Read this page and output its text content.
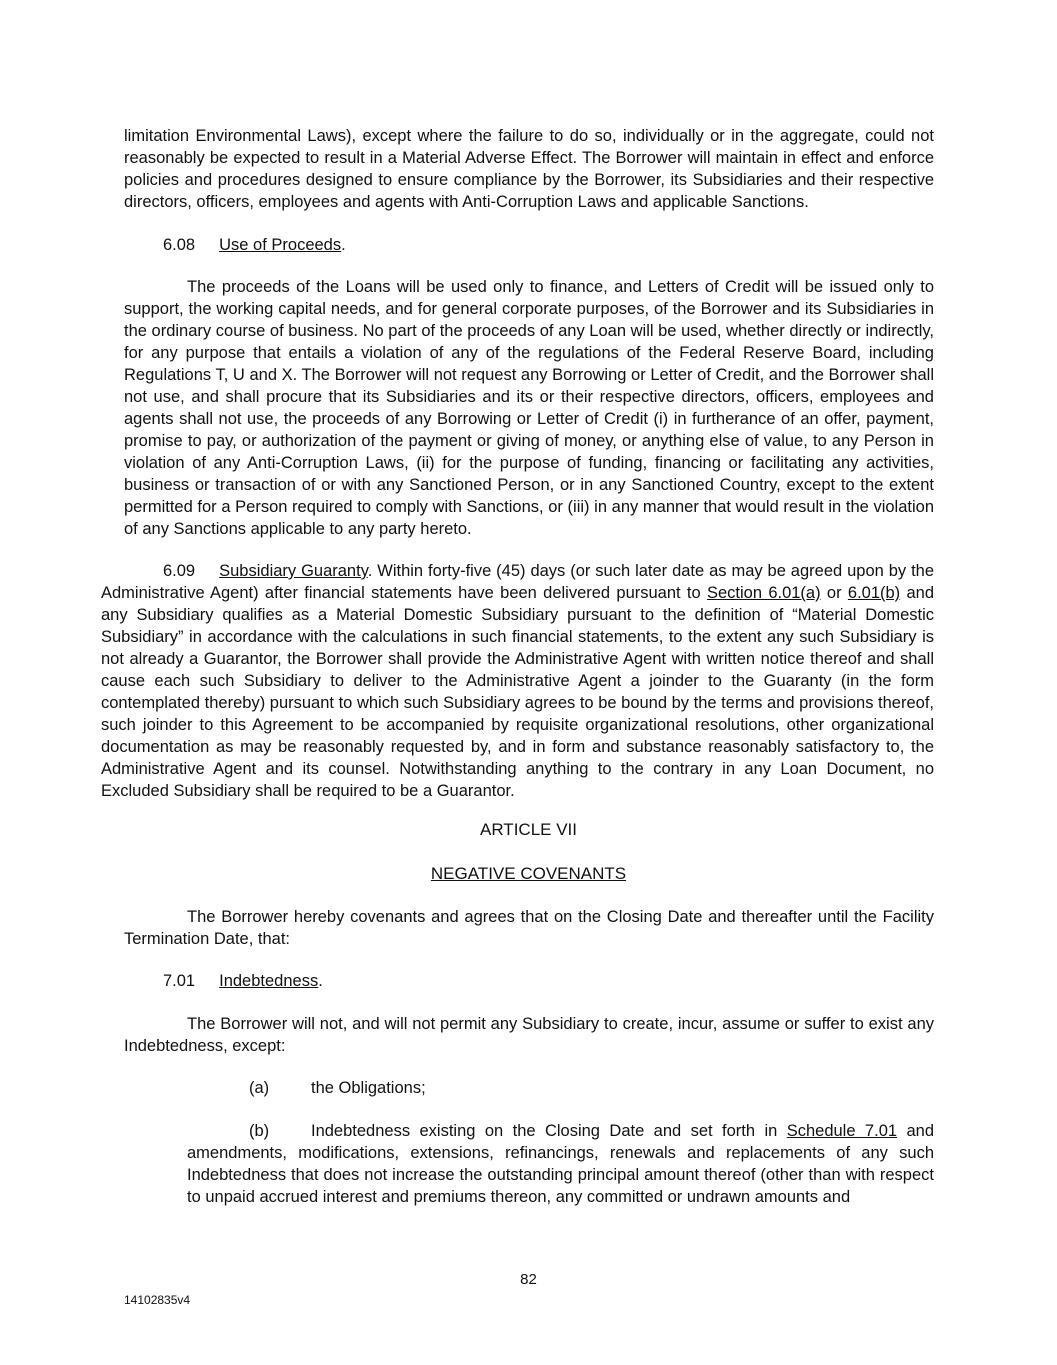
limitation Environmental Laws), except where the failure to do so, individually or in the aggregate, could not reasonably be expected to result in a Material Adverse Effect. The Borrower will maintain in effect and enforce policies and procedures designed to ensure compliance by the Borrower, its Subsidiaries and their respective directors, officers, employees and agents with Anti-Corruption Laws and applicable Sanctions.

6.08 Use of Proceeds.

The proceeds of the Loans will be used only to finance, and Letters of Credit will be issued only to support, the working capital needs, and for general corporate purposes, of the Borrower and its Subsidiaries in the ordinary course of business. No part of the proceeds of any Loan will be used, whether directly or indirectly, for any purpose that entails a violation of any of the regulations of the Federal Reserve Board, including Regulations T, U and X. The Borrower will not request any Borrowing or Letter of Credit, and the Borrower shall not use, and shall procure that its Subsidiaries and its or their respective directors, officers, employees and agents shall not use, the proceeds of any Borrowing or Letter of Credit (i) in furtherance of an offer, payment, promise to pay, or authorization of the payment or giving of money, or anything else of value, to any Person in violation of any Anti-Corruption Laws, (ii) for the purpose of funding, financing or facilitating any activities, business or transaction of or with any Sanctioned Person, or in any Sanctioned Country, except to the extent permitted for a Person required to comply with Sanctions, or (iii) in any manner that would result in the violation of any Sanctions applicable to any party hereto.

6.09 Subsidiary Guaranty. Within forty-five (45) days (or such later date as may be agreed upon by the Administrative Agent) after financial statements have been delivered pursuant to Section 6.01(a) or 6.01(b) and any Subsidiary qualifies as a Material Domestic Subsidiary pursuant to the definition of “Material Domestic Subsidiary” in accordance with the calculations in such financial statements, to the extent any such Subsidiary is not already a Guarantor, the Borrower shall provide the Administrative Agent with written notice thereof and shall cause each such Subsidiary to deliver to the Administrative Agent a joinder to the Guaranty (in the form contemplated thereby) pursuant to which such Subsidiary agrees to be bound by the terms and provisions thereof, such joinder to this Agreement to be accompanied by requisite organizational resolutions, other organizational documentation as may be reasonably requested by, and in form and substance reasonably satisfactory to, the Administrative Agent and its counsel. Notwithstanding anything to the contrary in any Loan Document, no Excluded Subsidiary shall be required to be a Guarantor.

ARTICLE VII

NEGATIVE COVENANTS

The Borrower hereby covenants and agrees that on the Closing Date and thereafter until the Facility Termination Date, that:

7.01 Indebtedness.

The Borrower will not, and will not permit any Subsidiary to create, incur, assume or suffer to exist any Indebtedness, except:

(a)	the Obligations;

(b)	Indebtedness existing on the Closing Date and set forth in Schedule 7.01 and amendments, modifications, extensions, refinancings, renewals and replacements of any such Indebtedness that does not increase the outstanding principal amount thereof (other than with respect to unpaid accrued interest and premiums thereon, any committed or undrawn amounts and

82
14102835v4
